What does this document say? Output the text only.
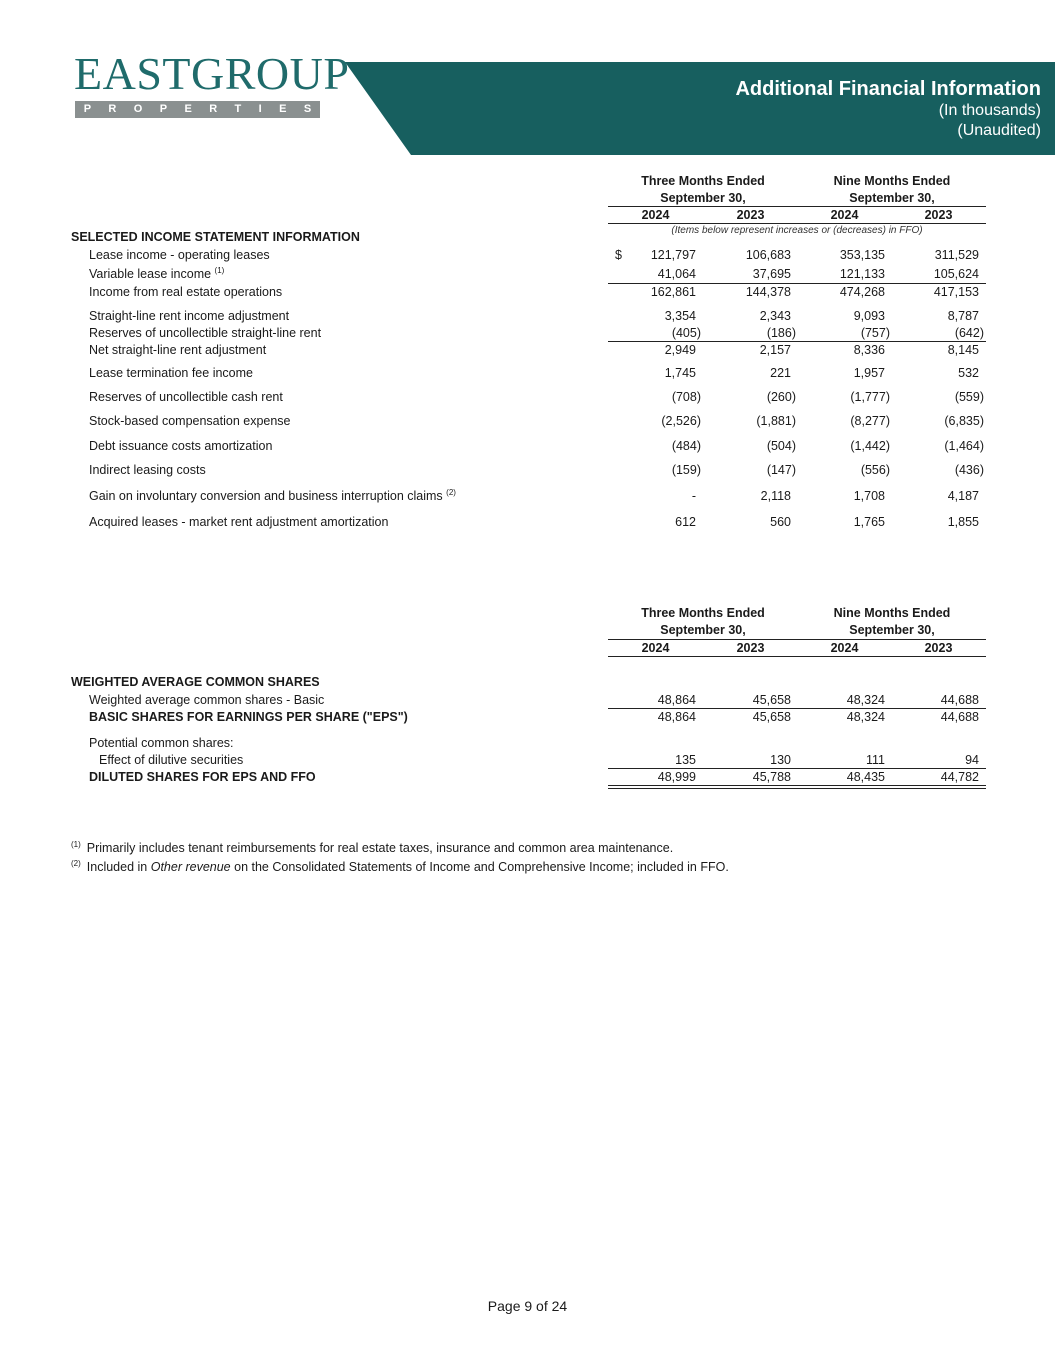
EASTGROUP
P R O P E R T I E S
Additional Financial Information
(In thousands)
(Unaudited)
Three Months Ended	Nine Months Ended
September 30,	September 30,
2024	2023	2024	2023
(Items below represent increases or (decreases) in FFO)
SELECTED INCOME STATEMENT INFORMATION
Lease income - operating leases	$ 121,797	106,683	353,135	311,529
Variable lease income $^{(1)}$	41,064	37,695	121,133	105,624
Income from real estate operations	162,861	144,378	474,268	417,153
Straight-line rent income adjustment	3,354	2,343	9,093	8,787
Reserves of uncollectible straight-line rent	(405)	(186)	(757)	(642)
Net straight-line rent adjustment	2,949	2,157	8,336	8,145
Lease termination fee income	1,745	221	1,957	532
Reserves of uncollectible cash rent	(708)	(260)	(1,777)	(559)
Stock-based compensation expense	(2,526)	(1,881)	(8,277)	(6,835)
Debt issuance costs amortization	(484)	(504)	(1,442)	(1,464)
Indirect leasing costs	(159)	(147)	(556)	(436)
Gain on involuntary conversion and business interruption claims $^{(2)}$	-	2,118	1,708	4,187
Acquired leases - market rent adjustment amortization	612	560	1,765	1,855
Three Months Ended	Nine Months Ended
September 30,	September 30,
2024	2023	2024	2023
WEIGHTED AVERAGE COMMON SHARES
Weighted average common shares - Basic	48,864	45,658	48,324	44,688
BASIC SHARES FOR EARNINGS PER SHARE ("EPS")	48,864	45,658	48,324	44,688
Potential common shares:
Effect of dilutive securities	135	130	111	94
DILUTED SHARES FOR EPS AND FFO	48,999	45,788	48,435	44,782
$^{(1)}$ Primarily includes tenant reimbursements for real estate taxes, insurance and common area maintenance.
$^{(2)}$ Included in Other revenue on the Consolidated Statements of Income and Comprehensive Income; included in FFO.
Page 9 of 24
